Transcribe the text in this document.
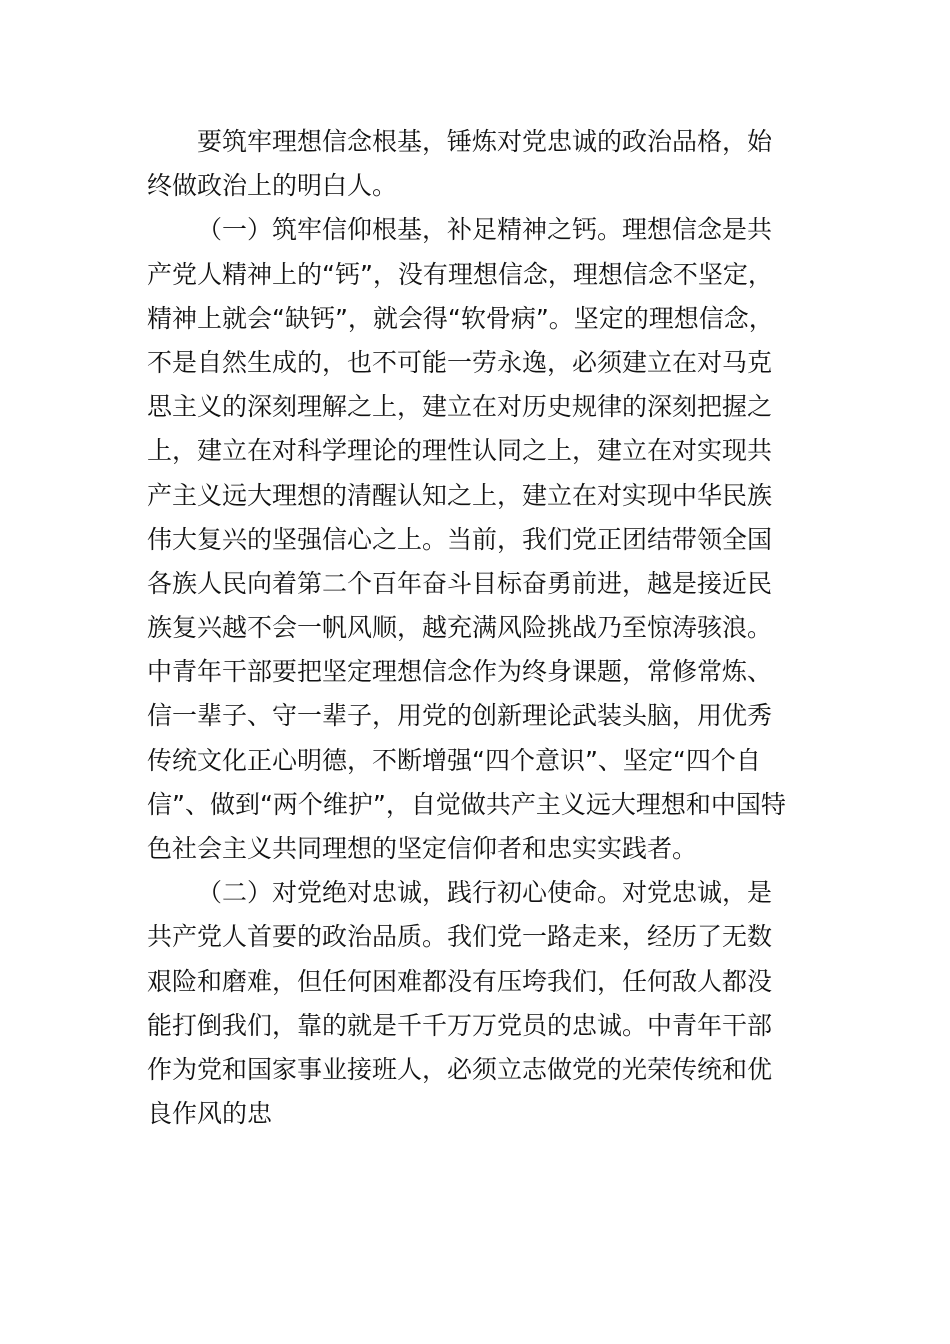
要筑牢理想信念根基，锤炼对党忠诚的政治品格，始
终做政治上的明白人。
（一）筑牢信仰根基，补足精神之钙。理想信念是共
产党人精神上的“钙”，没有理想信念，理想信念不坚定，
精神上就会“缺钙”，就会得“软骨病”。坚定的理想信念，
不是自然生成的，也不可能一劳永逸，必须建立在对马克
思主义的深刻理解之上，建立在对历史规律的深刻把握之
上，建立在对科学理论的理性认同之上，建立在对实现共
产主义远大理想的清醒认知之上，建立在对实现中华民族
伟大复兴的坚强信心之上。当前，我们党正团结带领全国
各族人民向着第二个百年奋斗目标奋勇前进，越是接近民
族复兴越不会一帆风顺，越充满风险挑战乃至惊涛骇浪。
中青年干部要把坚定理想信念作为终身课题，常修常炼、
信一辈子、守一辈子，用党的创新理论武装头脑，用优秀
传统文化正心明德，不断增强“四个意识”、坚定“四个自
信”、做到“两个维护”，自觉做共产主义远大理想和中国特
色社会主义共同理想的坚定信仰者和忠实实践者。
（二）对党绝对忠诚，践行初心使命。对党忠诚，是
共产党人首要的政治品质。我们党一路走来，经历了无数
艰险和磨难，但任何困难都没有压垮我们，任何敌人都没
能打倒我们，靠的就是千千万万党员的忠诚。中青年干部
作为党和国家事业接班人，必须立志做党的光荣传统和优
良作风的忠
